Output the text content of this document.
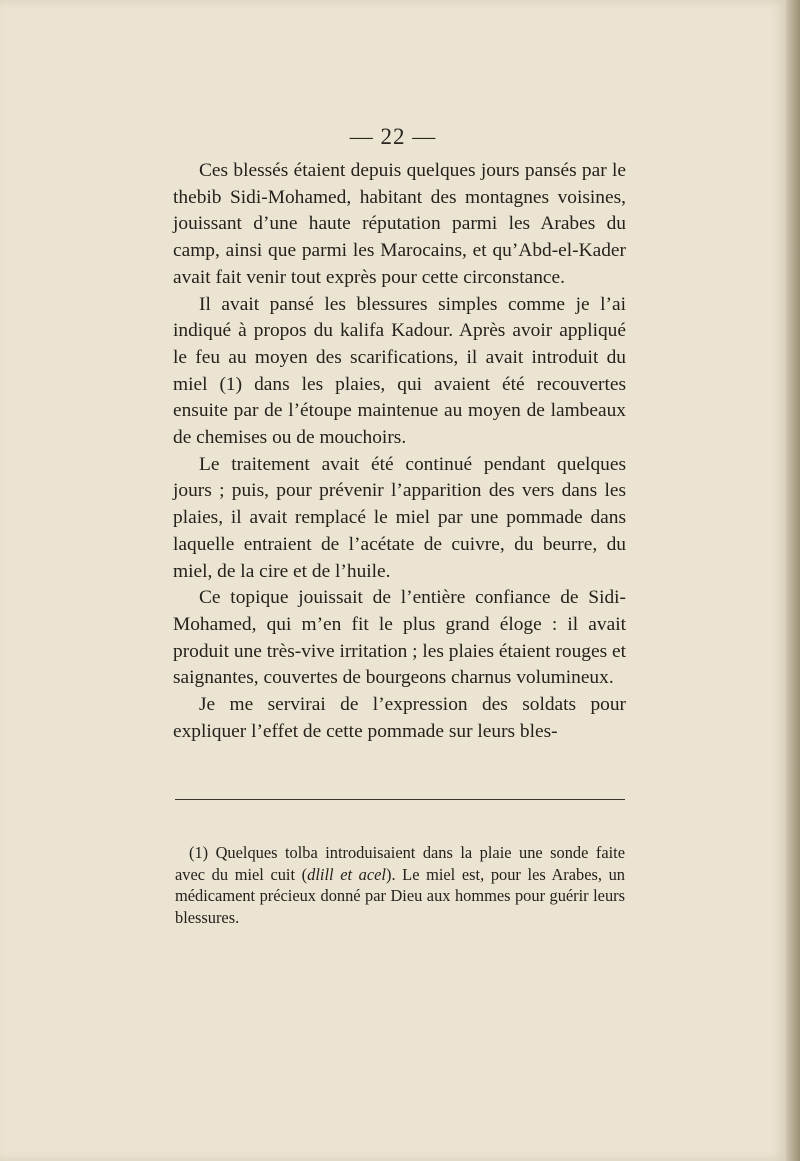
— 22 —

Ces blessés étaient depuis quelques jours pansés par le thebib Sidi-Mohamed, habitant des montagnes voisines, jouissant d’une haute réputation parmi les Arabes du camp, ainsi que parmi les Marocains, et qu’Abd-el-Kader avait fait venir tout exprès pour cette circonstance.

Il avait pansé les blessures simples comme je l’ai indiqué à propos du kalifa Kadour. Après avoir appliqué le feu au moyen des scarifications, il avait introduit du miel (1) dans les plaies, qui avaient été recouvertes ensuite par de l’étoupe maintenue au moyen de lambeaux de chemises ou de mouchoirs.

Le traitement avait été continué pendant quelques jours ; puis, pour prévenir l’apparition des vers dans les plaies, il avait remplacé le miel par une pommade dans laquelle entraient de l’acétate de cuivre, du beurre, du miel, de la cire et de l’huile.

Ce topique jouissait de l’entière confiance de Sidi-Mohamed, qui m’en fit le plus grand éloge : il avait produit une très-vive irritation ; les plaies étaient rouges et saignantes, couvertes de bourgeons charnus volumineux.

Je me servirai de l’expression des soldats pour expliquer l’effet de cette pommade sur leurs bles-

(1) Quelques tolba introduisaient dans la plaie une sonde faite avec du miel cuit (dlill et acel). Le miel est, pour les Arabes, un médicament précieux donné par Dieu aux hommes pour guérir leurs blessures.
